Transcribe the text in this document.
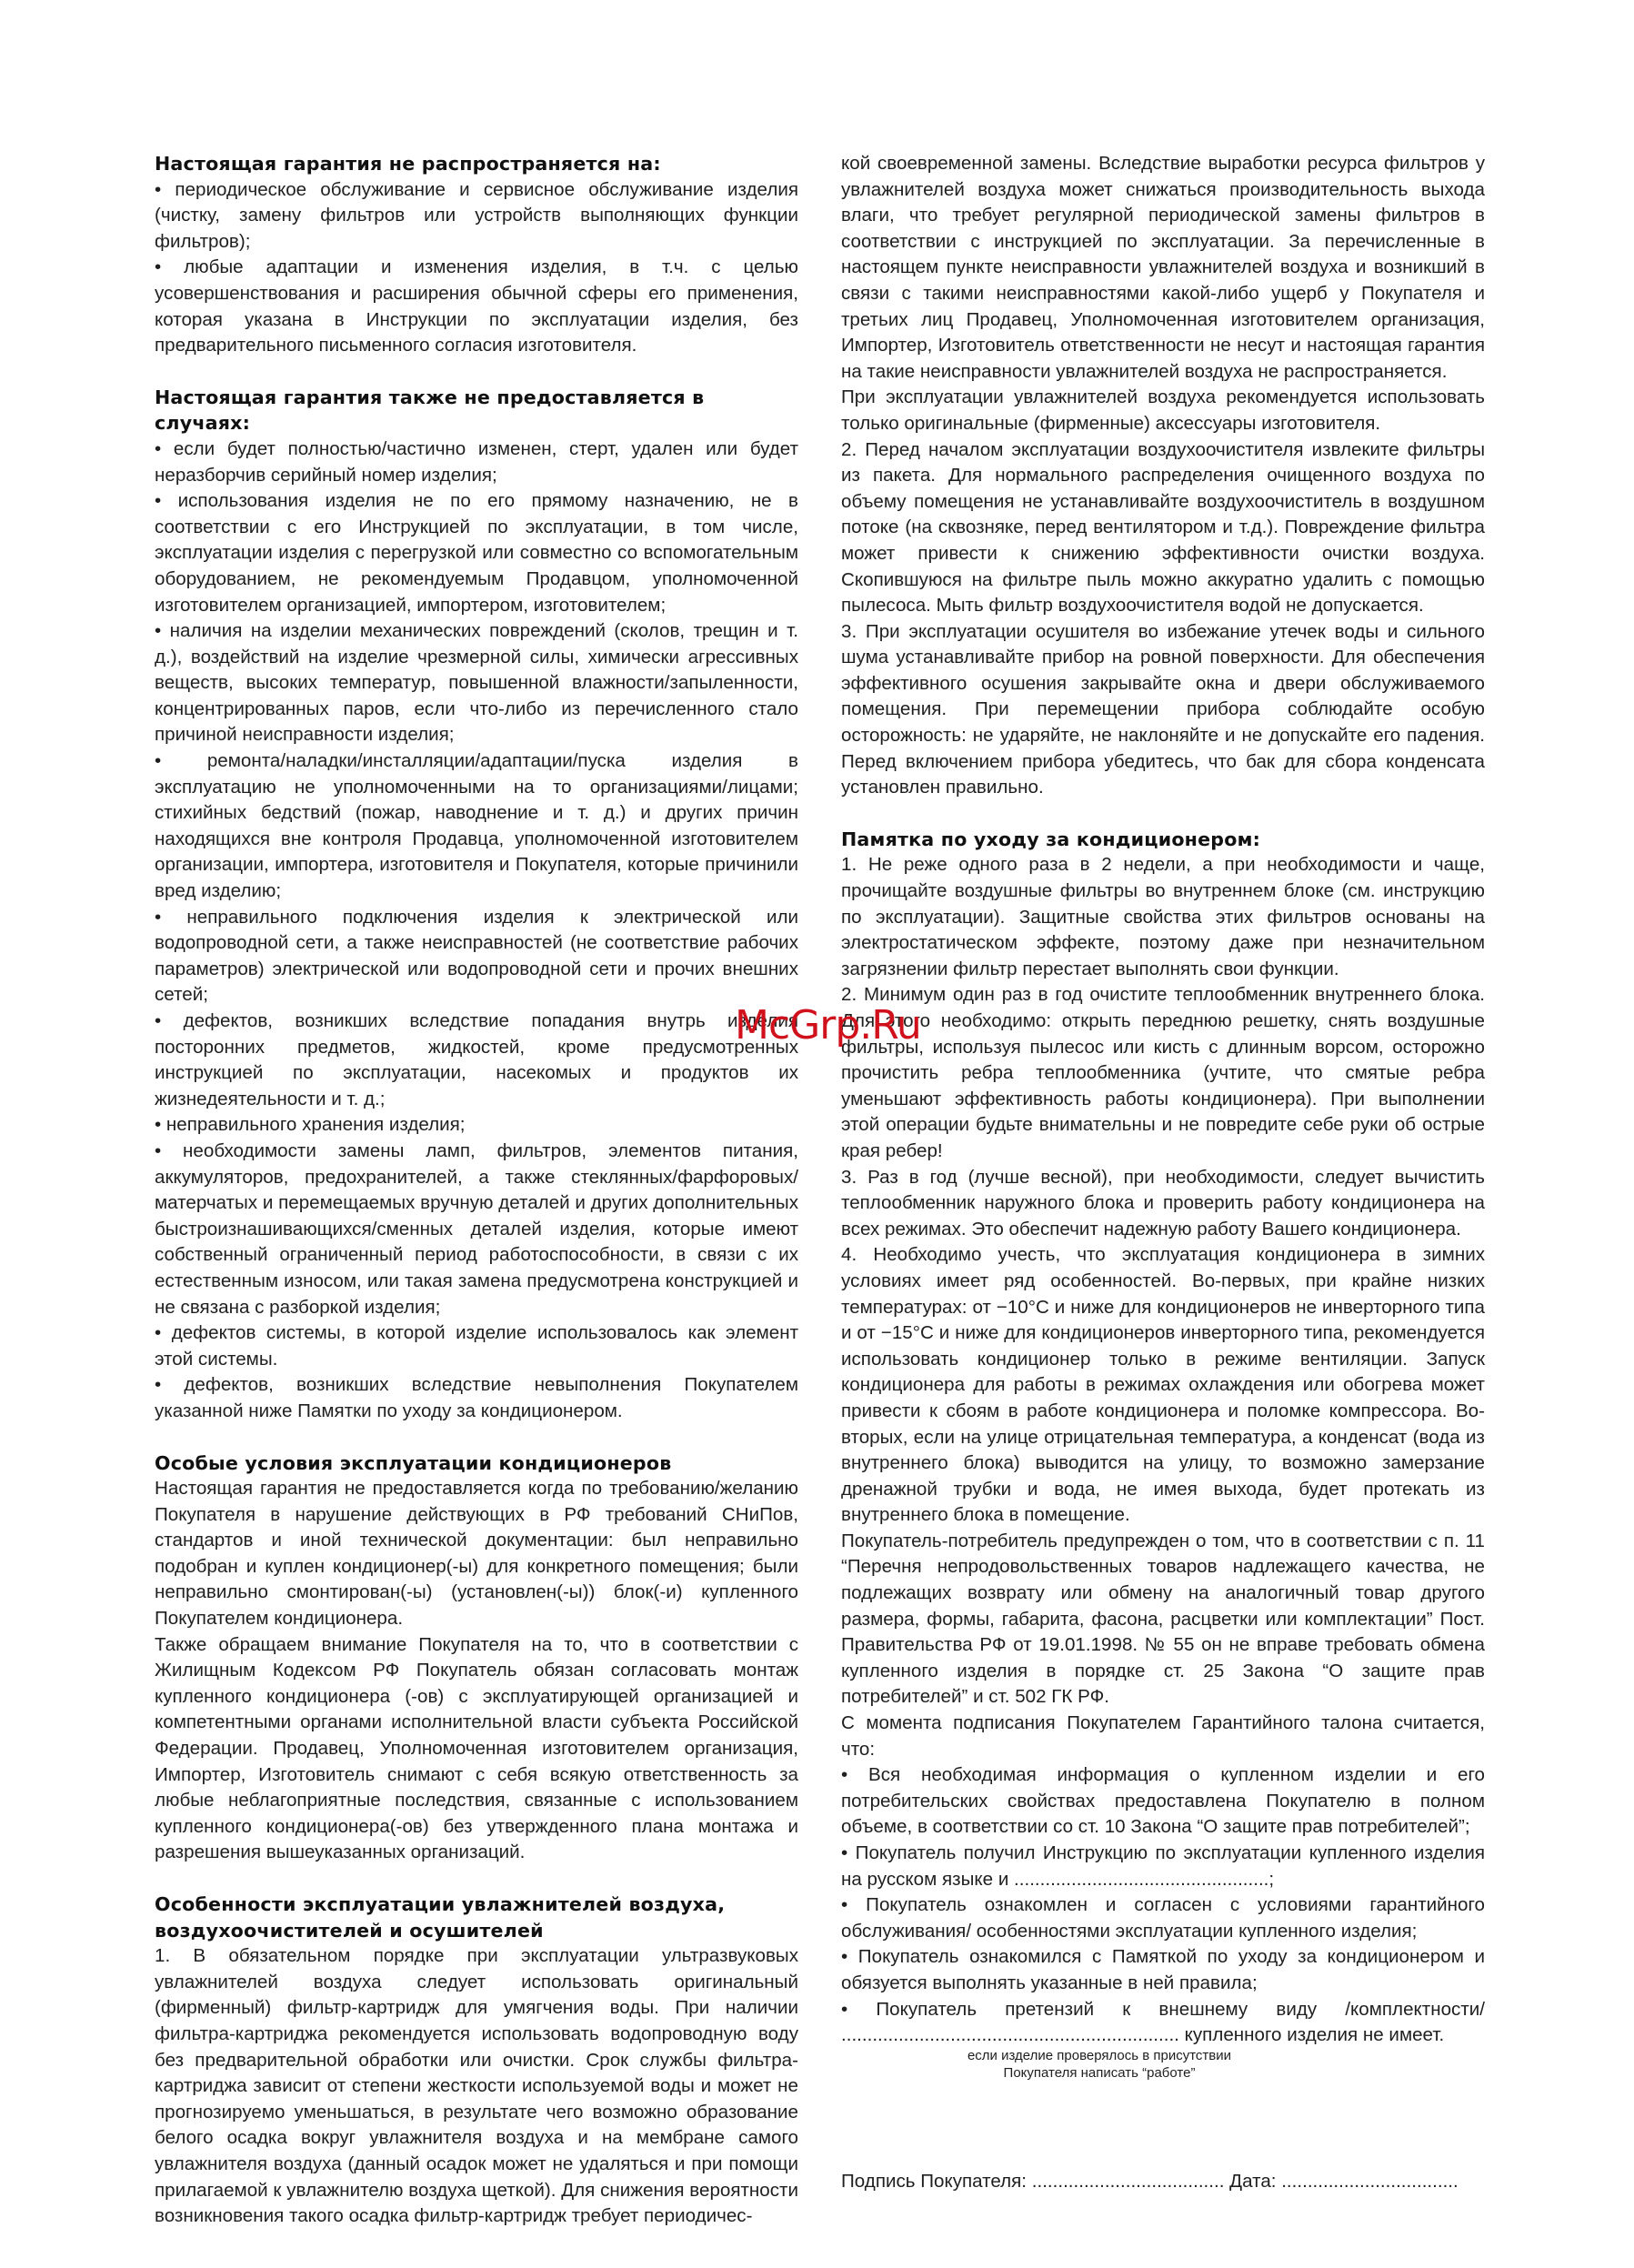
Настоящая гарантия не распространяется на:

• периодическое обслуживание и сервисное обслуживание изделия (чистку, замену фильтров или устройств выполняющих функции фильтров);

• любые адаптации и изменения изделия, в т.ч. с целью усовершенствования и расширения обычной сферы его применения, которая указана в Инструкции по эксплуатации изделия, без предварительного письменного согласия изготовителя.

Настоящая гарантия также не предоставляется в случаях:

• если будет полностью/частично изменен, стерт, удален или будет неразборчив серийный номер изделия;

• использования изделия не по его прямому назначению, не в соответствии с его Инструкцией по эксплуатации, в том числе, эксплуатации изделия с перегрузкой или совместно со вспомогательным оборудованием, не рекомендуемым Продавцом, уполномоченной изготовителем организацией, импортером, изготовителем;

• наличия на изделии механических повреждений (сколов, трещин и т. д.), воздействий на изделие чрезмерной силы, химически агрессивных веществ, высоких температур, повышенной влажности/запыленности, концентрированных паров, если что-либо из перечисленного стало причиной неисправности изделия;

• ремонта/наладки/инсталляции/адаптации/пуска изделия в эксплуатацию не уполномоченными на то организациями/лицами; стихийных бедствий (пожар, наводнение и т. д.) и других причин находящихся вне контроля Продавца, уполномоченной изготовителем организации, импортера, изготовителя и Покупателя, которые причинили вред изделию;

• неправильного подключения изделия к электрической или водопроводной сети, а также неисправностей (не соответствие рабочих параметров) электрической или водопроводной сети и прочих внешних сетей;

• дефектов, возникших вследствие попадания внутрь изделия посторонних предметов, жидкостей, кроме предусмотренных инструкцией по эксплуатации, насекомых и продуктов их жизнедеятельности и т. д.;

• неправильного хранения изделия;

• необходимости замены ламп, фильтров, элементов питания, аккумуляторов, предохранителей, а также стеклянных/фарфоровых/матерчатых и перемещаемых вручную деталей и других дополнительных быстроизнашивающихся/сменных деталей изделия, которые имеют собственный ограниченный период работоспособности, в связи с их естественным износом, или такая замена предусмотрена конструкцией и не связана с разборкой изделия;

• дефектов системы, в которой изделие использовалось как элемент этой системы.

• дефектов, возникших вследствие невыполнения Покупателем указанной ниже Памятки по уходу за кондиционером.

Особые условия эксплуатации кондиционеров

Настоящая гарантия не предоставляется когда по требованию/желанию Покупателя в нарушение действующих в РФ требований СНиПов, стандартов и иной технической документации: был неправильно подобран и куплен кондиционер(-ы) для конкретного помещения; были неправильно смонтирован(-ы) (установлен(-ы)) блок(-и) купленного Покупателем кондиционера.

Также обращаем внимание Покупателя на то, что в соответствии с Жилищным Кодексом РФ Покупатель обязан согласовать монтаж купленного кондиционера (-ов) с эксплуатирующей организацией и компетентными органами исполнительной власти субъекта Российской Федерации. Продавец, Уполномоченная изготовителем организация, Импортер, Изготовитель снимают с себя всякую ответственность за любые неблагоприятные последствия, связанные с использованием купленного кондиционера(-ов) без утвержденного плана монтажа и разрешения вышеуказанных организаций.

Особенности эксплуатации увлажнителей воздуха, воздухоочистителей и осушителей

1. В обязательном порядке при эксплуатации ультразвуковых увлажнителей воздуха следует использовать оригинальный (фирменный) фильтр-картридж для умягчения воды. При наличии фильтра-картриджа рекомендуется использовать водопроводную воду без предварительной обработки или очистки. Срок службы фильтра-картриджа зависит от степени жесткости используемой воды и может не прогнозируемо уменьшаться, в результате чего возможно образование белого осадка вокруг увлажнителя воздуха и на мембране самого увлажнителя воздуха (данный осадок может не удаляться и при помощи прилагаемой к увлажнителю воздуха щеткой). Для снижения вероятности возникновения такого осадка фильтр-картридж требует периодичес-

кой своевременной замены. Вследствие выработки ресурса фильтров у увлажнителей воздуха может снижаться производительность выхода влаги, что требует регулярной периодической замены фильтров в соответствии с инструкцией по эксплуатации. За перечисленные в настоящем пункте неисправности увлажнителей воздуха и возникший в связи с такими неисправностями какой-либо ущерб у Покупателя и третьих лиц Продавец, Уполномоченная изготовителем организация, Импортер, Изготовитель ответственности не несут и настоящая гарантия на такие неисправности увлажнителей воздуха не распространяется.

При эксплуатации увлажнителей воздуха рекомендуется использовать только оригинальные (фирменные) аксессуары изготовителя.

2. Перед началом эксплуатации воздухоочистителя извлеките фильтры из пакета. Для нормального распределения очищенного воздуха по объему помещения не устанавливайте воздухоочиститель в воздушном потоке (на сквозняке, перед вентилятором и т.д.). Повреждение фильтра может привести к снижению эффективности очистки воздуха. Скопившуюся на фильтре пыль можно аккуратно удалить с помощью пылесоса. Мыть фильтр воздухоочистителя водой не допускается.

3. При эксплуатации осушителя во избежание утечек воды и сильного шума устанавливайте прибор на ровной поверхности. Для обеспечения эффективного осушения закрывайте окна и двери обслуживаемого помещения. При перемещении прибора соблюдайте особую осторожность: не ударяйте, не наклоняйте и не допускайте его падения. Перед включением прибора убедитесь, что бак для сбора конденсата установлен правильно.

Памятка по уходу за кондиционером:

1. Не реже одного раза в 2 недели, а при необходимости и чаще, прочищайте воздушные фильтры во внутреннем блоке (см. инструкцию по эксплуатации). Защитные свойства этих фильтров основаны на электростатическом эффекте, поэтому даже при незначительном загрязнении фильтр перестает выполнять свои функции.

2. Минимум один раз в год очистите теплообменник внутреннего блока. Для этого необходимо: открыть переднюю решетку, снять воздушные фильтры, используя пылесос или кисть с длинным ворсом, осторожно прочистить ребра теплообменника (учтите, что смятые ребра уменьшают эффективность работы кондиционера). При выполнении этой операции будьте внимательны и не повредите себе руки об острые края ребер!

3. Раз в год (лучше весной), при необходимости, следует вычистить теплообменник наружного блока и проверить работу кондиционера на всех режимах. Это обеспечит надежную работу Вашего кондиционера.

4. Необходимо учесть, что эксплуатация кондиционера в зимних условиях имеет ряд особенностей. Во-первых, при крайне низких температурах: от −10°С и ниже для кондиционеров не инверторного типа и от −15°С и ниже для кондиционеров инверторного типа, рекомендуется использовать кондиционер только в режиме вентиляции. Запуск кондиционера для работы в режимах охлаждения или обогрева может привести к сбоям в работе кондиционера и поломке компрессора. Во-вторых, если на улице отрицательная температура, а конденсат (вода из внутреннего блока) выводится на улицу, то возможно замерзание дренажной трубки и вода, не имея выхода, будет протекать из внутреннего блока в помещение.

Покупатель-потребитель предупрежден о том, что в соответствии с п. 11 “Перечня непродовольственных товаров надлежащего качества, не подлежащих возврату или обмену на аналогичный товар другого размера, формы, габарита, фасона, расцветки или комплектации” Пост. Правительства РФ от 19.01.1998. № 55 он не вправе требовать обмена купленного изделия в порядке ст. 25 Закона “О защите прав потребителей” и ст. 502 ГК РФ.

С момента подписания Покупателем Гарантийного талона считается, что:

• Вся необходимая информация о купленном изделии и его потребительских свойствах предоставлена Покупателю в полном объеме, в соответствии со ст. 10 Закона “О защите прав потребителей”;

• Покупатель получил Инструкцию по эксплуатации купленного изделия на русском языке и .................................................;

• Покупатель ознакомлен и согласен с условиями гарантийного обслуживания/ особенностями эксплуатации купленного изделия;

• Покупатель ознакомился с Памяткой по уходу за кондиционером и обязуется выполнять указанные в ней правила;

• Покупатель претензий к внешнему виду /комплектности/ ................................................................. купленного изделия не имеет.

если изделие проверялось в присутствии
Покупателя написать “работе”

Подпись Покупателя: ..................................... Дата: ..................................

McGrp.Ru
